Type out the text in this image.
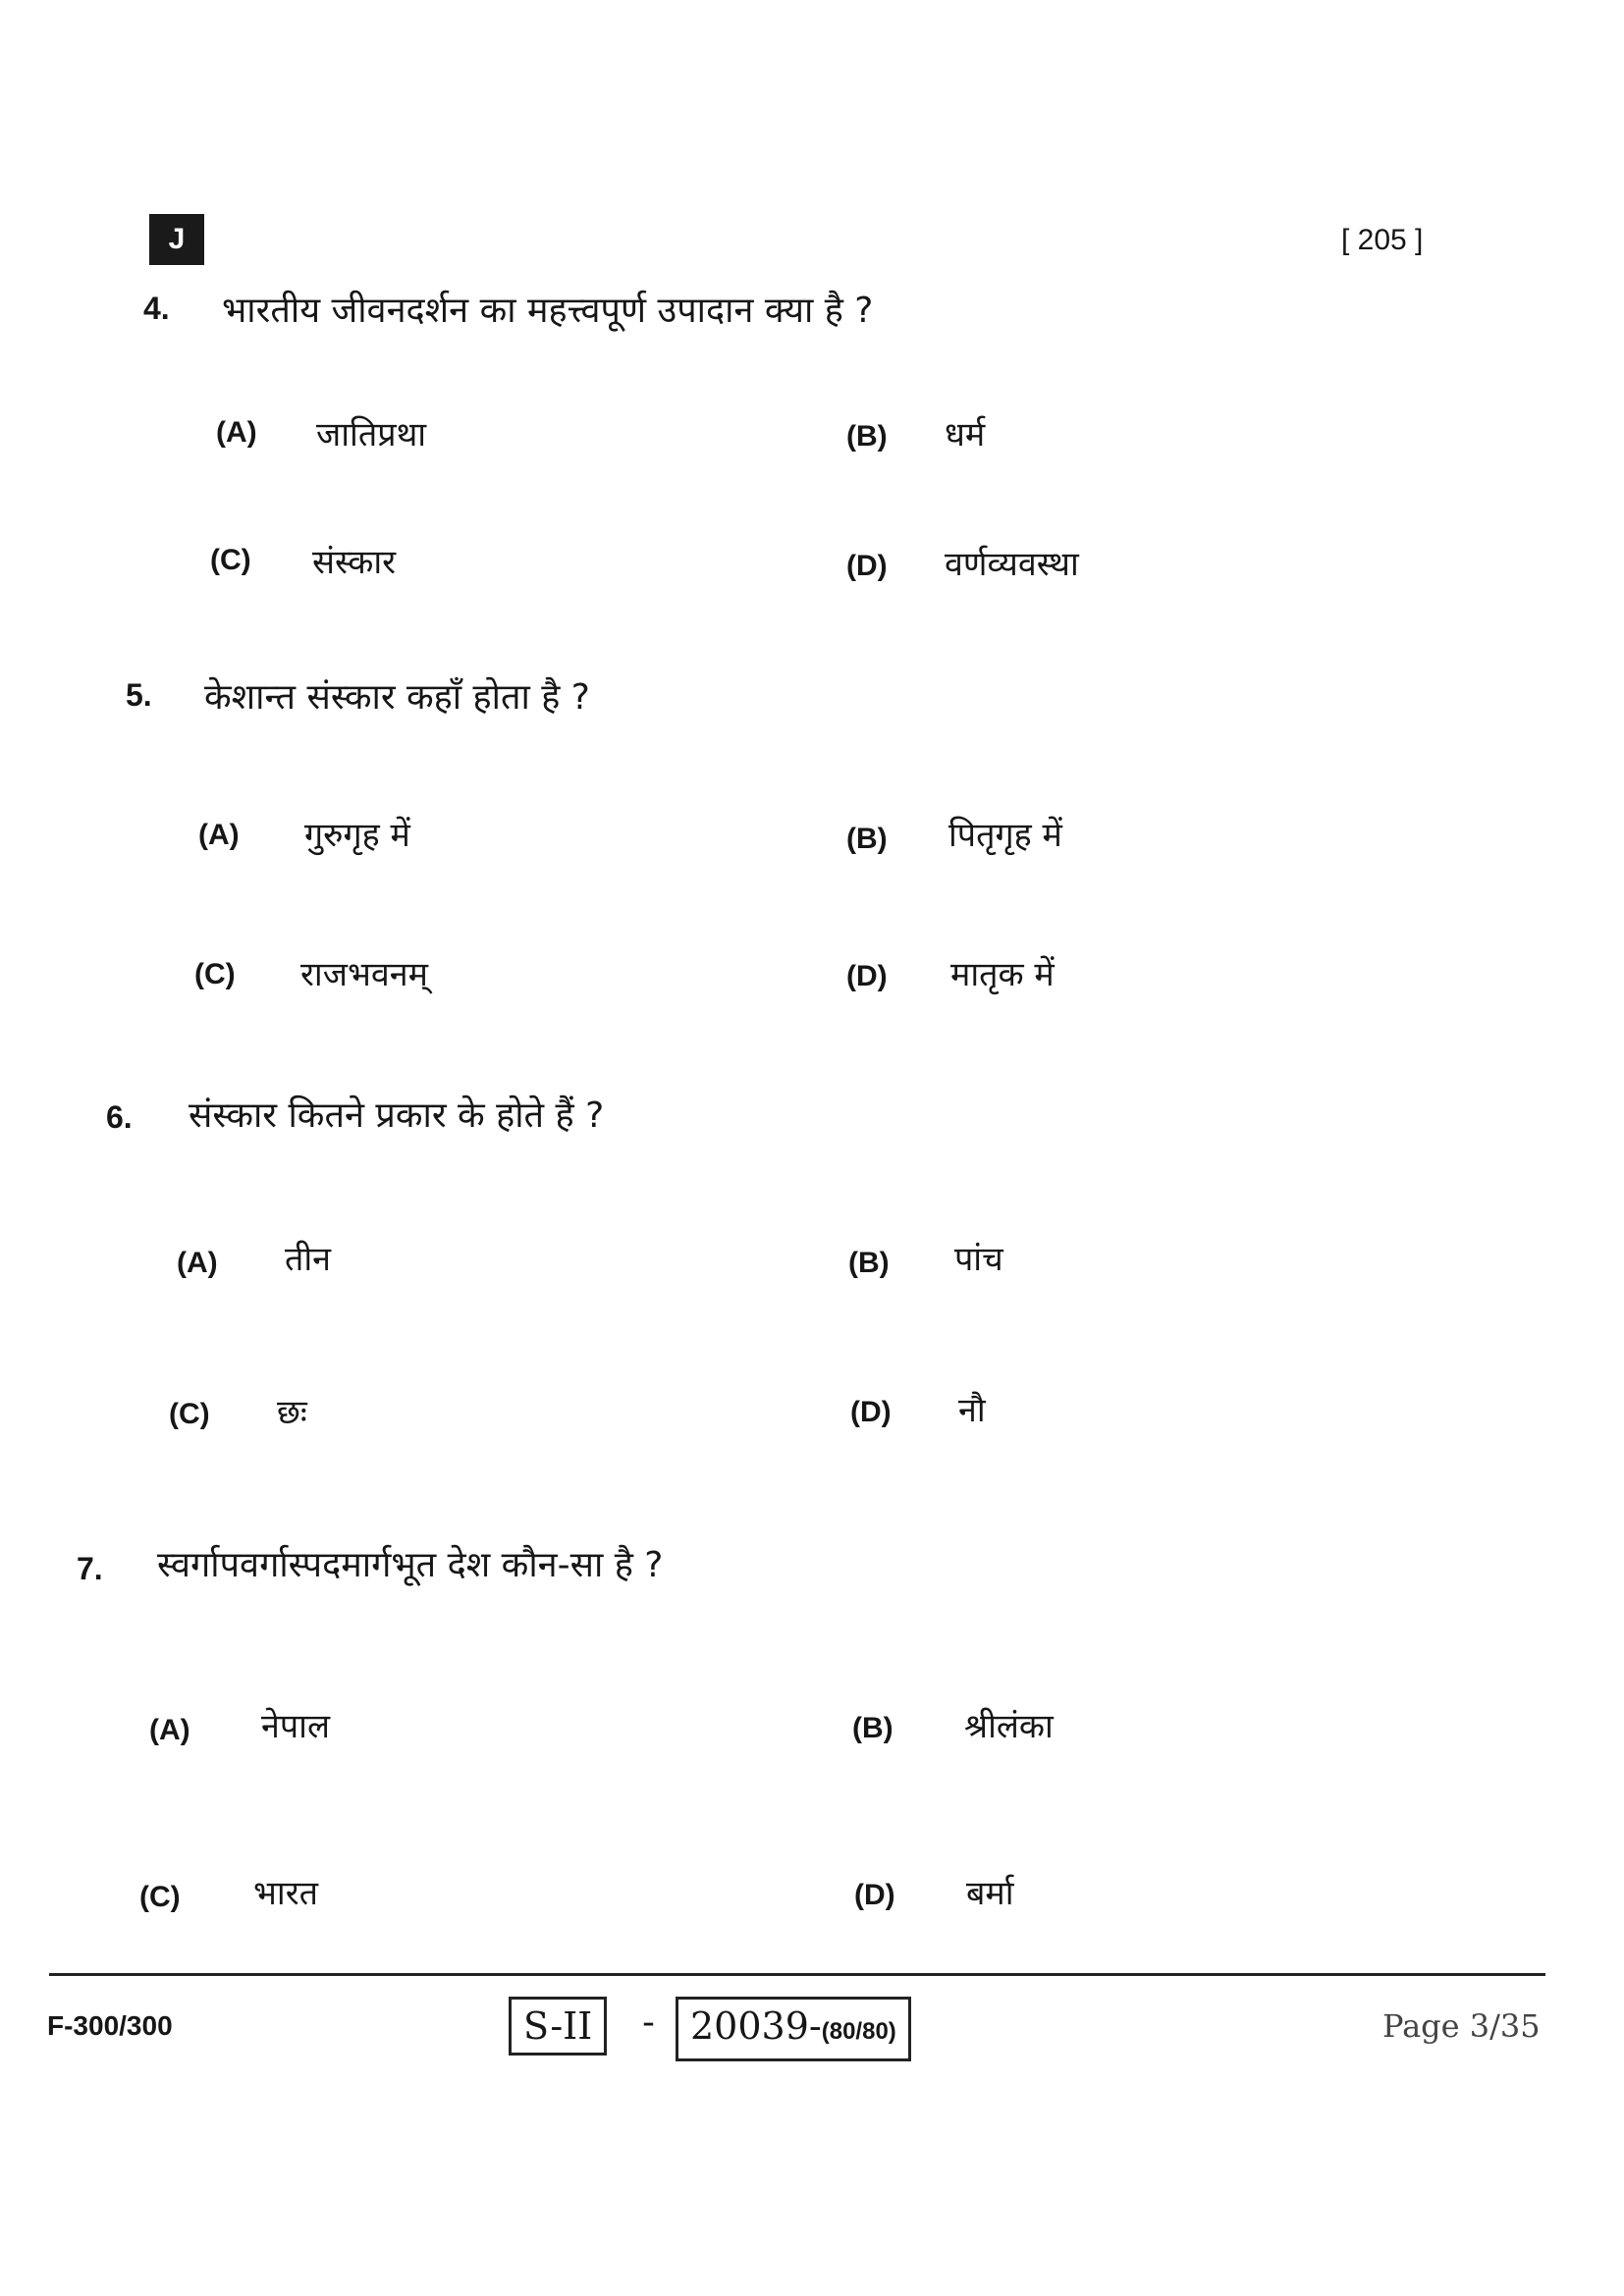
J	[ 205 ]
4. भारतीय जीवनदर्शन का महत्त्वपूर्ण उपादान क्या है ?
(A) जातिप्रथा	(B) धर्म
(C) संस्कार	(D) वर्णव्यवस्था
5. केशान्त संस्कार कहाँ होता है ?
(A) गुरुगृह में	(B) पितृगृह में
(C) राजभवनम्	(D) मातृक में
6. संस्कार कितने प्रकार के होते हैं ?
(A) तीन	(B) पांच
(C) छः	(D) नौ
7. स्वर्गापवर्गास्पदमार्गभूत देश कौन-सा है ?
(A) नेपाल	(B) श्रीलंका
(C) भारत	(D) बर्मा
F-300/300	S-II	- 20039-(80/80)	Page 3/35
